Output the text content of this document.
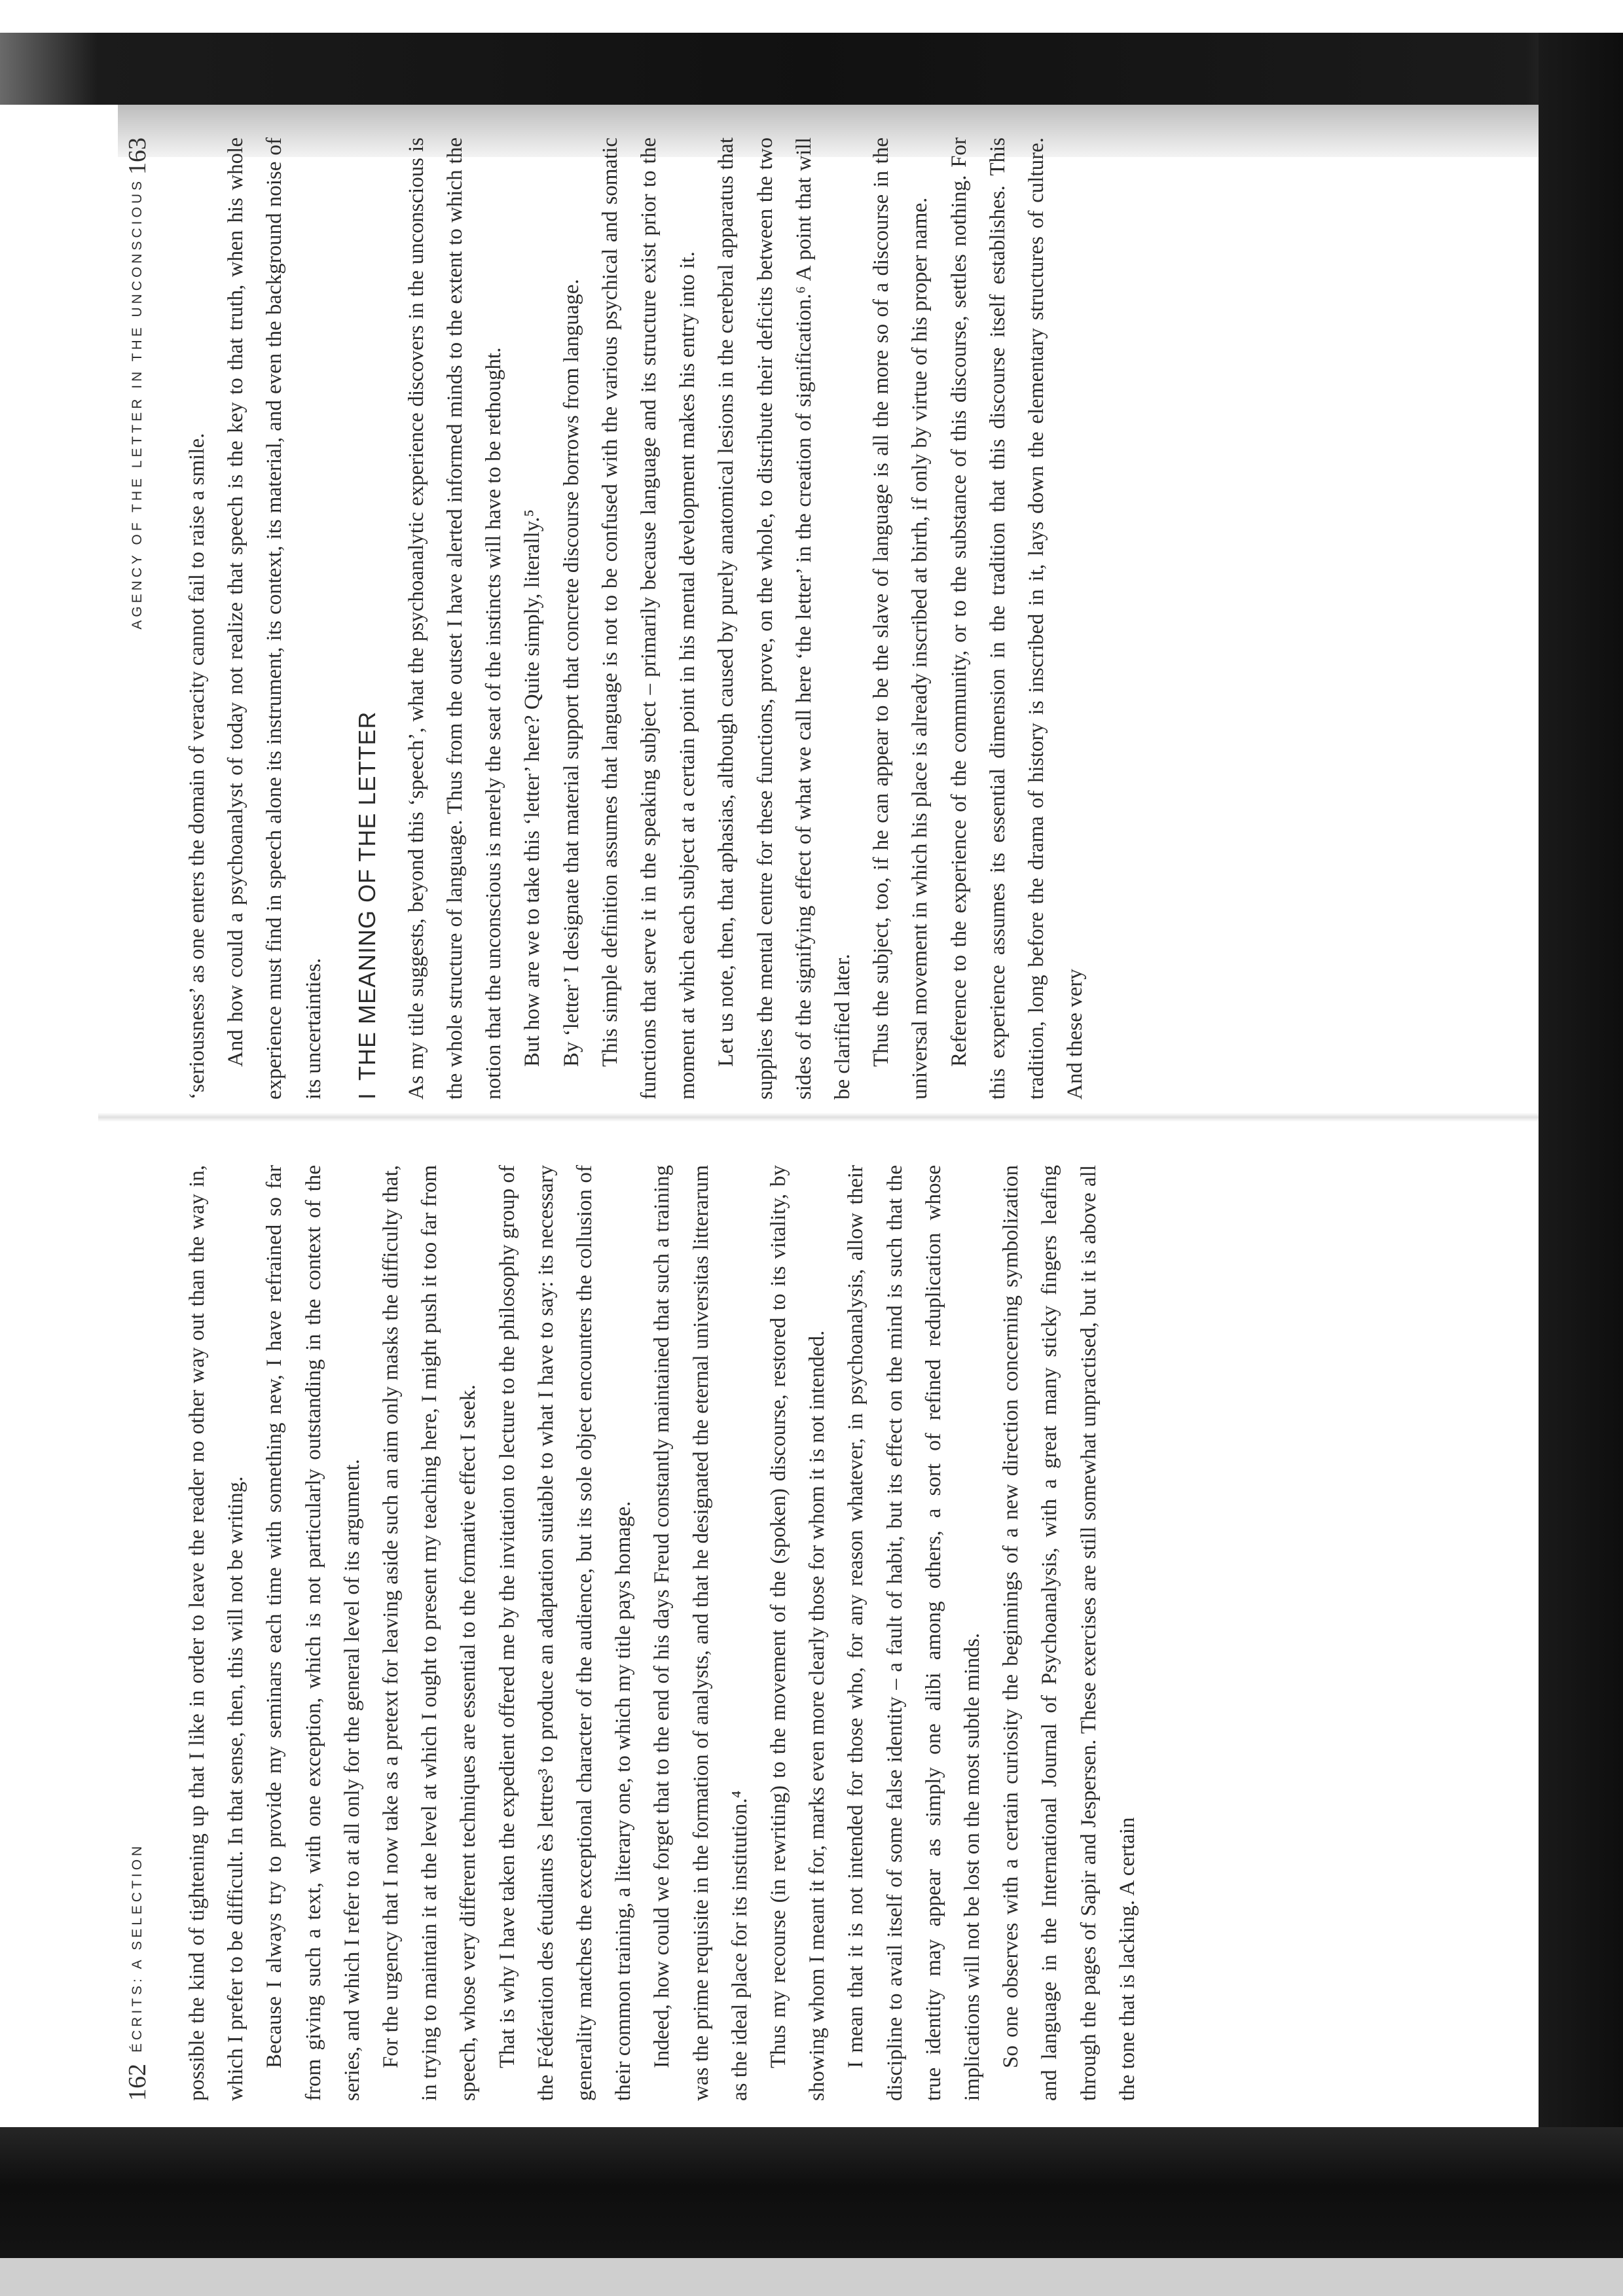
AGENCY OF THE LETTER IN THE UNCONSCIOUS
163

‘seriousness’ as one enters the domain of veracity cannot fail to raise a smile. And how could a psychoanalyst of today not realize that speech is the key to that truth, when his whole experience must find in speech alone its instrument, its context, its material, and even the background noise of its uncertainties.	ITHE MEANING OF THE LETTER	As my title suggests, beyond this ‘speech’, what the psychoanalytic experience discovers in the unconscious is the whole structure of language. Thus from the outset I have alerted informed minds to the extent to which the notion that the unconscious is merely the seat of the instincts will have to be rethought. But how are we to take this ‘letter’ here? Quite simply, literally.⁵ By ‘letter’ I designate that material support that concrete discourse borrows from language. This simple definition assumes that language is not to be confused with the various psychical and somatic functions that serve it in the speaking subject – primarily because language and its structure exist prior to the moment at which each subject at a certain point in his mental development makes his entry into it. Let us note, then, that aphasias, although caused by purely anatomical lesions in the cerebral apparatus that supplies the mental centre for these functions, prove, on the whole, to distribute their deficits between the two sides of the signifying effect of what we call here ‘the letter’ in the creation of signification.⁶ A point that will be clarified later. Thus the subject, too, if he can appear to be the slave of language is all the more so of a discourse in the universal movement in which his place is already inscribed at birth, if only by virtue of his proper name. Reference to the experience of the community, or to the substance of this discourse, settles nothing. For this experience assumes its essential dimension in the tradition that this discourse itself establishes. This tradition, long before the drama of history is inscribed in it, lays down the elementary structures of culture. And these very

162
ÉCRITS: A SELECTION	possible the kind of tightening up that I like in order to leave the reader no other way out than the way in, which I prefer to be difficult. In that sense, then, this will not be writing. Because I always try to provide my seminars each time with something new, I have refrained so far from giving such a text, with one exception, which is not particularly outstanding in the context of the series, and which I refer to at all only for the general level of its argument. For the urgency that I now take as a pretext for leaving aside such an aim only masks the difficulty that, in trying to maintain it at the level at which I ought to present my teaching here, I might push it too far from speech, whose very different techniques are essential to the formative effect I seek. That is why I have taken the expedient offered me by the invitation to lecture to the philosophy group of the Fédération des étudiants ès lettres³ to produce an adaptation suitable to what I have to say: its necessary generality matches the exceptional character of the audience, but its sole object encounters the collusion of their common training, a literary one, to which my title pays homage. Indeed, how could we forget that to the end of his days Freud constantly maintained that such a training was the prime requisite in the formation of analysts, and that he designated the eternal universitas litterarum as the ideal place for its institution.⁴ Thus my recourse (in rewriting) to the movement of the (spoken) discourse, restored to its vitality, by showing whom I meant it for, marks even more clearly those for whom it is not intended. I mean that it is not intended for those who, for any reason whatever, in psychoanalysis, allow their discipline to avail itself of some false identity – a fault of habit, but its effect on the mind is such that the true identity may appear as simply one alibi among others, a sort of refined reduplication whose implications will not be lost on the most subtle minds. So one observes with a certain curiosity the beginnings of a new direction concerning symbolization and language in the International Journal of Psychoanalysis, with a great many sticky fingers leafing through the pages of Sapir and Jespersen. These exercises are still somewhat unpractised, but it is above all the tone that is lacking. A certain
